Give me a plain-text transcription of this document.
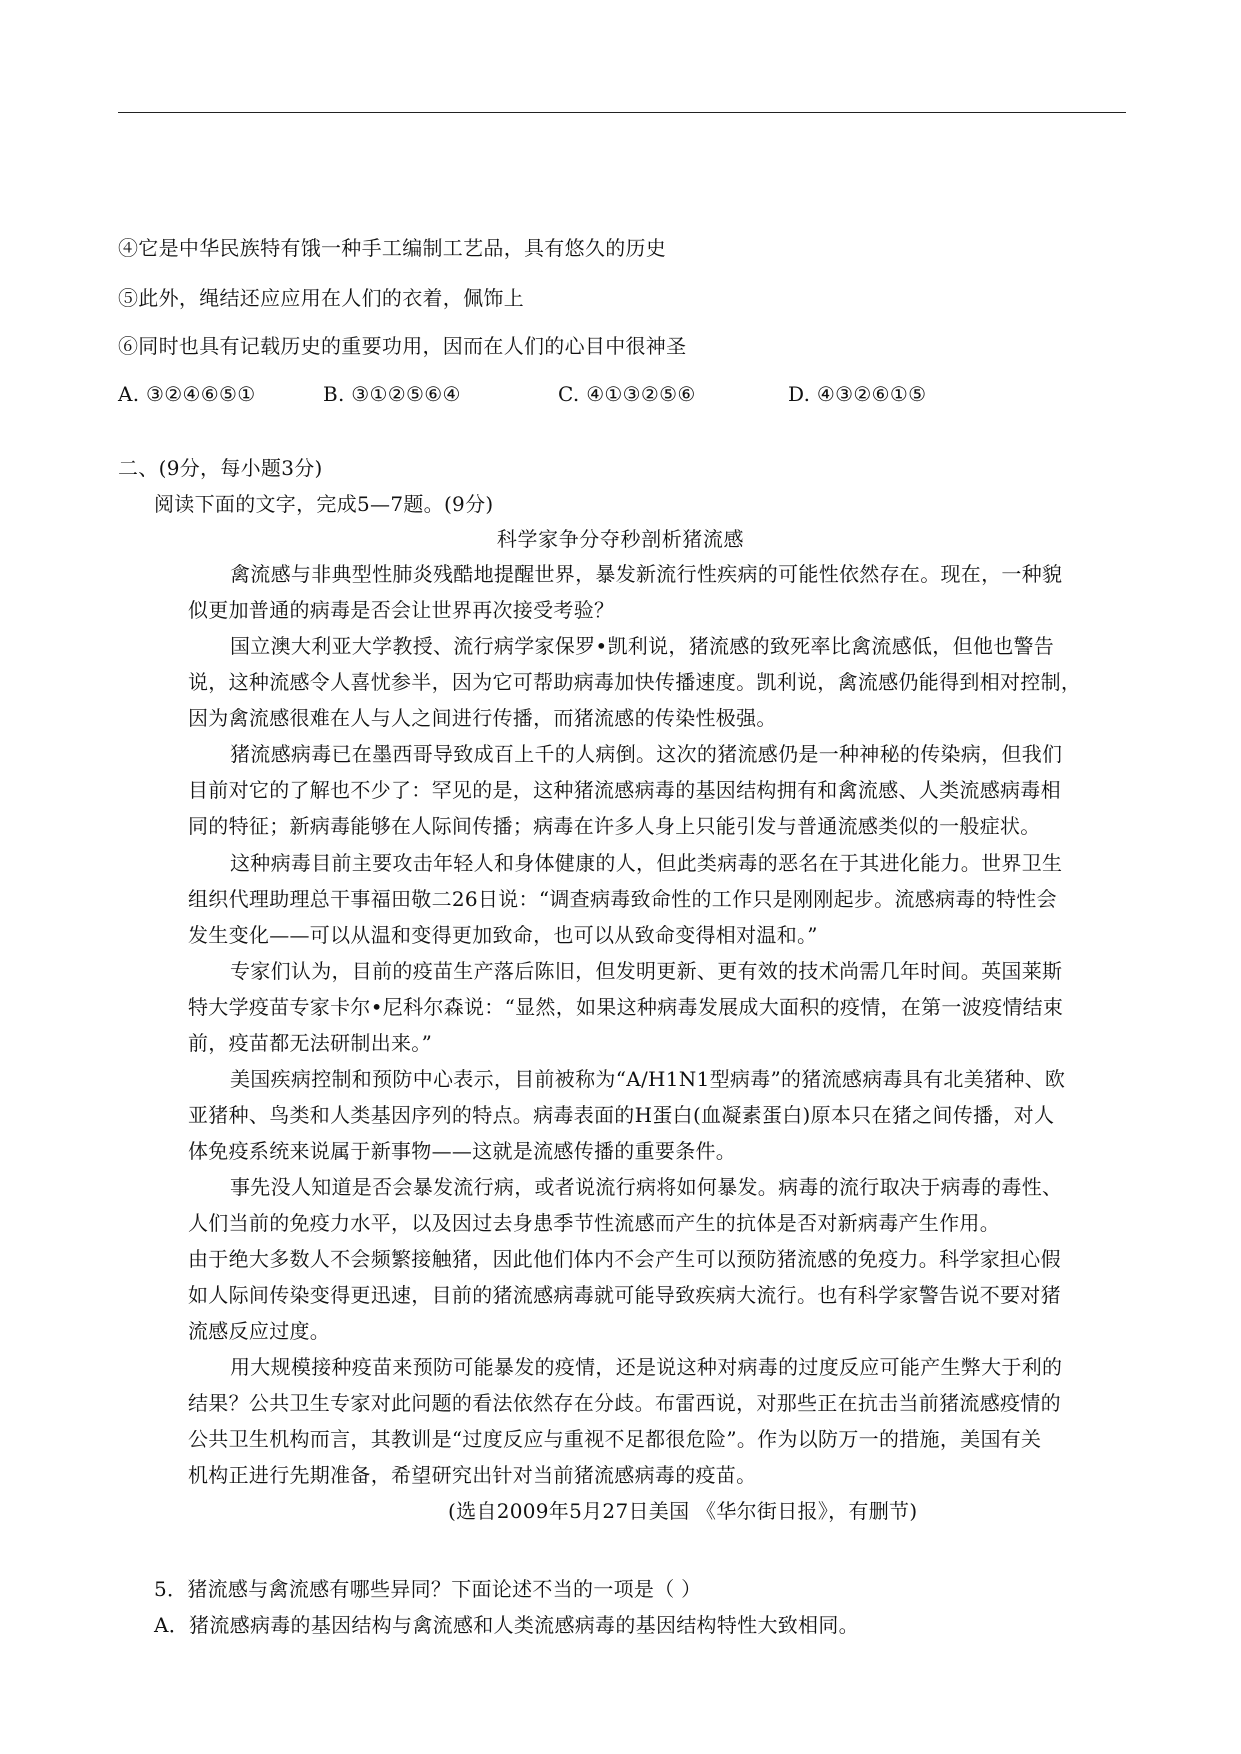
④它是中华民族特有饿一种手工编制工艺品，具有悠久的历史
⑤此外，绳结还应应用在人们的衣着，佩饰上
⑥同时也具有记载历史的重要功用，因而在人们的心目中很神圣
A. ③②④⑥⑤①	B. ③①②⑤⑥④	C. ④①③②⑤⑥	D. ④③②⑥①⑤
二、(9分，每小题3分)
阅读下面的文字，完成5—7题。(9分)
科学家争分夺秒剖析猪流感
禽流感与非典型性肺炎残酷地提醒世界，暴发新流行性疾病的可能性依然存在。现在，一种貌
似更加普通的病毒是否会让世界再次接受考验？
国立澳大利亚大学教授、流行病学家保罗•凯利说，猪流感的致死率比禽流感低，但他也警告
说，这种流感令人喜忧参半，因为它可帮助病毒加快传播速度。凯利说，禽流感仍能得到相对控制，
因为禽流感很难在人与人之间进行传播，而猪流感的传染性极强。
猪流感病毒已在墨西哥导致成百上千的人病倒。这次的猪流感仍是一种神秘的传染病，但我们
目前对它的了解也不少了：罕见的是，这种猪流感病毒的基因结构拥有和禽流感、人类流感病毒相
同的特征；新病毒能够在人际间传播；病毒在许多人身上只能引发与普通流感类似的一般症状。
这种病毒目前主要攻击年轻人和身体健康的人，但此类病毒的恶名在于其进化能力。世界卫生
组织代理助理总干事福田敬二26日说：“调查病毒致命性的工作只是刚刚起步。流感病毒的特性会
发生变化——可以从温和变得更加致命，也可以从致命变得相对温和。”
专家们认为，目前的疫苗生产落后陈旧，但发明更新、更有效的技术尚需几年时间。英国莱斯
特大学疫苗专家卡尔•尼科尔森说：“显然，如果这种病毒发展成大面积的疫情，在第一波疫情结束
前，疫苗都无法研制出来。”
美国疾病控制和预防中心表示，目前被称为“A/H1N1型病毒”的猪流感病毒具有北美猪种、欧
亚猪种、鸟类和人类基因序列的特点。病毒表面的H蛋白(血凝素蛋白)原本只在猪之间传播，对人
体免疫系统来说属于新事物——这就是流感传播的重要条件。
事先没人知道是否会暴发流行病，或者说流行病将如何暴发。病毒的流行取决于病毒的毒性、
人们当前的免疫力水平，以及因过去身患季节性流感而产生的抗体是否对新病毒产生作用。
由于绝大多数人不会频繁接触猪，因此他们体内不会产生可以预防猪流感的免疫力。科学家担心假
如人际间传染变得更迅速，目前的猪流感病毒就可能导致疾病大流行。也有科学家警告说不要对猪
流感反应过度。
用大规模接种疫苗来预防可能暴发的疫情，还是说这种对病毒的过度反应可能产生弊大于利的
结果？公共卫生专家对此问题的看法依然存在分歧。布雷西说，对那些正在抗击当前猪流感疫情的
公共卫生机构而言，其教训是“过度反应与重视不足都很危险”。作为以防万一的措施，美国有关
机构正进行先期准备，希望研究出针对当前猪流感病毒的疫苗。
(选自2009年5月27日美国 《华尔街日报》，有删节)
5．猪流感与禽流感有哪些异同？下面论述不当的一项是（ ）
A．猪流感病毒的基因结构与禽流感和人类流感病毒的基因结构特性大致相同。
